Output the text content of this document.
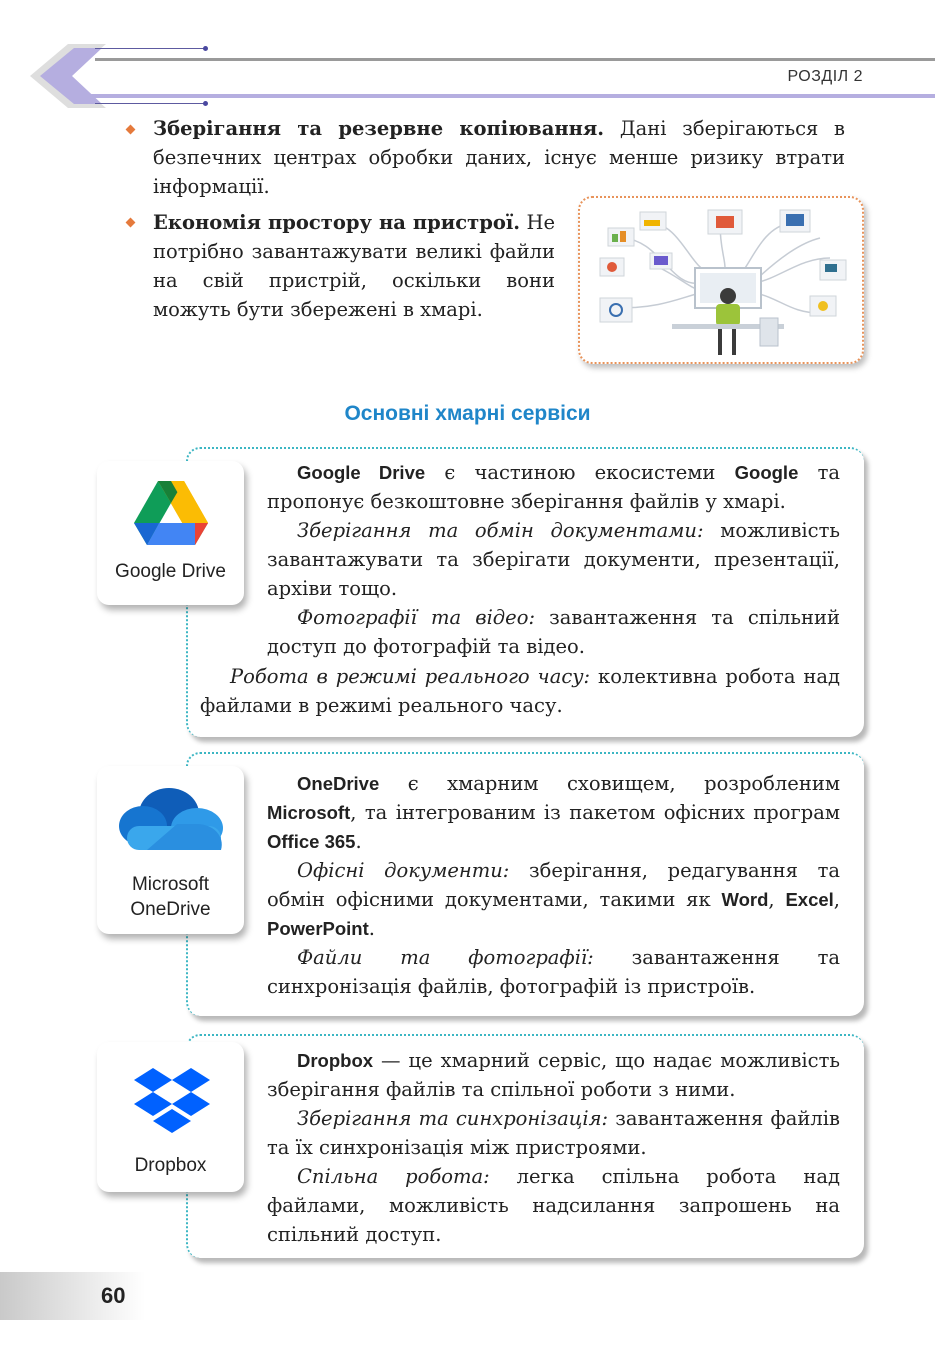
РОЗДІЛ 2
Зберігання та резервне копіювання. Дані зберігаються в безпечних центрах обробки даних, існує менше ризику втрати інформації.
Економія простору на пристрої. Не потрібно завантажувати великі файли на свій пристрій, оскільки вони можуть бути збережені в хмарі.
Основні хмарні сервіси
Google Drive

Google Drive є частиною екосистеми Google та пропонує безкоштовне зберігання файлів у хмарі.

Зберігання та обмін документами: можливість завантажувати та зберігати документи, презентації, архіви тощо.

Фотографії та відео: завантаження та спільний доступ до фотографій та відео.

Робота в режимі реального часу: колективна робота над файлами в режимі реального часу.

Microsoft
OneDrive

OneDrive є хмарним сховищем, розробленим Microsoft, та інтегрованим із пакетом офісних програм Office 365.

Офісні документи: зберігання, редагування та обмін офісними документами, такими як Word, Excel, PowerPoint.

Файли та фотографії: завантаження та синхронізація файлів, фотографій із пристроїв.

Dropbox

Dropbox — це хмарний сервіс, що надає можливість зберігання файлів та спільної роботи з ними.

Зберігання та синхронізація: завантаження файлів та їх синхронізація між пристроями.

Спільна робота: легка спільна робота над файлами, можливість надсилання запрошень на спільний доступ.

60
